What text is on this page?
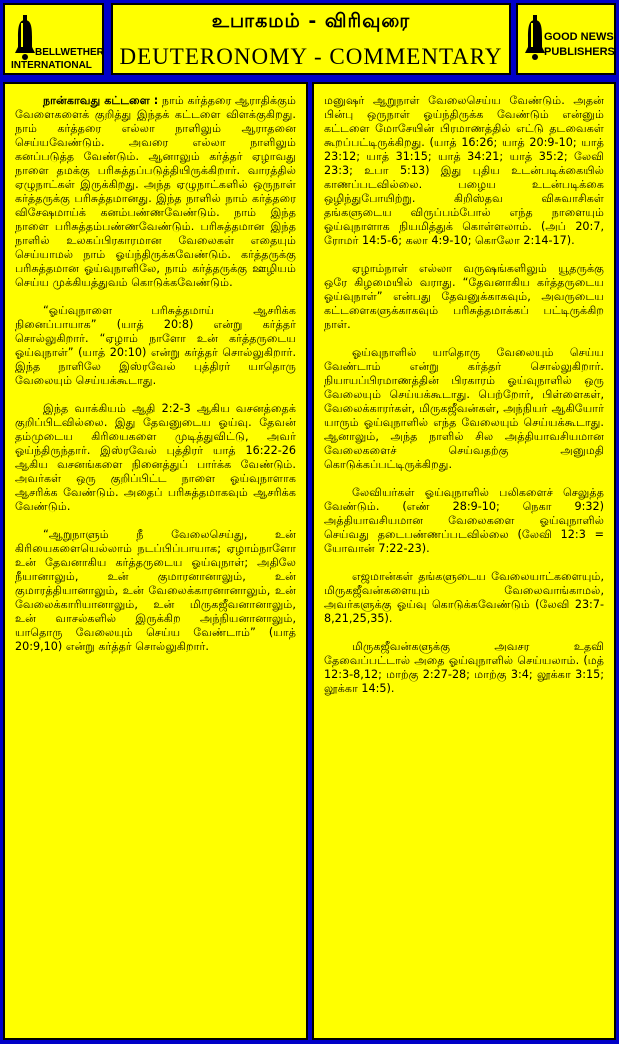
BELLWETHER
INTERNATIONAL
உபாகமம் - விரிவுரை
DEUTERONOMY - COMMENTARY
GOOD NEWS
PUBLISHERS

நான்காவது கட்டளை : நாம் கர்த்தரை ஆராதிக்கும் வேளைகளைக் குறித்து இந்தக் கட்டளை விளக்குகிறது. நாம் கர்த்தரை எல்லா நாளிலும் ஆராதனை செய்யவேண்டும். அவரை எல்லா நாளிலும் கனப்படுத்த வேண்டும். ஆனாலும் கர்த்தர் ஏழாவது நாளை தமக்கு பரிசுத்தப்படுத்தியிருக்கிறார். வாரத்தில் ஏழுநாட்கள் இருக்கிறது. அந்த ஏழுநாட்களில் ஒருநாள் கர்த்தருக்கு பரிசுத்தமானது. இந்த நாளில் நாம் கர்த்தரை விசேஷமாய்க் கனம்பண்ணவேண்டும். நாம் இந்த நாளை பரிசுத்தம்பண்ணவேண்டும். பரிசுத்தமான இந்த நாளில் உலகப்பிரகாரமான வேலைகள் எதையும் செய்யாமல் நாம் ஓய்ந்திருக்கவேண்டும். கர்த்தருக்கு பரிசுத்தமான ஓய்வுநாளிலே, நாம் கர்த்தருக்கு ஊழியம் செய்ய முக்கியத்துவம் கொடுக்கவேண்டும்.

“ஓய்வுநாளை பரிசுத்தமாய் ஆசரிக்க நினைப்பாயாக” (யாத் 20:8) என்று கர்த்தர் சொல்லுகிறார். “ஏழாம் நாளோ உன் கர்த்தருடைய ஓய்வுநாள்” (யாத் 20:10) என்று கர்த்தர் சொல்லுகிறார். இந்த நாளிலே இஸ்ரவேல் புத்திரர் யாதொரு வேலையும் செய்யக்கூடாது.

இந்த வாக்கியம் ஆதி 2:2-3 ஆகிய வசனத்தைக் குறிப்பிடவில்லை. இது தேவனுடைய ஓய்வு. தேவன் தம்முடைய கிரியைகளை முடித்துவிட்டு, அவர் ஓய்ந்திருந்தார். இஸ்ரவேல் புத்திரர் யாத் 16:22-26 ஆகிய வசனங்களை நினைத்துப் பார்க்க வேண்டும். அவர்கள் ஒரு குறிப்பிட்ட நாளை ஓய்வுநாளாக ஆசரிக்க வேண்டும். அதைப் பரிசுத்தமாகவும் ஆசரிக்க வேண்டும்.

“ஆறுநாளும் நீ வேலைசெய்து, உன் கிரியைகளையெல்லாம் நடப்பிப்பாயாக; ஏழாம்நாளோ உன் தேவனாகிய கர்த்தருடைய ஓய்வுநாள்; அதிலே நீயானாலும், உன் குமாரனானாலும், உன் குமாரத்தியானாலும், உன் வேலைக்காரனானாலும், உன் வேலைக்காரியானாலும், உன் மிருகஜீவனானாலும், உன் வாசல்களில் இருக்கிற அந்நியனானாலும், யாதொரு வேலையும் செய்ய வேண்டாம்” (யாத் 20:9,10) என்று கர்த்தர் சொல்லுகிறார்.

மனுஷர் ஆறுநாள் வேலைசெய்ய வேண்டும். அதன் பின்பு ஒருநாள் ஓய்ந்திருக்க வேண்டும் என்னும் கட்டளை மோசேயின் பிரமாணத்தில் எட்டு தடவைகள் கூறப்பட்டிருக்கிறது. (யாத் 16:26; யாத் 20:9-10; யாத் 23:12; யாத் 31:15; யாத் 34:21; யாத் 35:2; லேவி 23:3; உபா 5:13) இது புதிய உடன்படிக்கையில் காணப்படவில்லை. பழைய உடன்படிக்கை ஒழிந்துபோயிற்று. கிறிஸ்தவ விசுவாசிகள் தங்களுடைய விருப்பம்போல் எந்த நாளையும் ஓய்வுநாளாக நியமித்துக் கொள்ளலாம். (அப் 20:7, ரோமர் 14:5-6; கலா 4:9-10; கொலோ 2:14-17).

ஏழாம்நாள் எல்லா வருஷங்களிலும் யூதருக்கு ஒரே கிழமையில் வராது. “தேவனாகிய கர்த்தருடைய ஓய்வுநாள்” என்பது தேவனுக்காகவும், அவருடைய கட்டளைகளுக்காகவும் பரிசுத்தமாக்கப் பட்டிருக்கிற நாள்.

ஓய்வுநாளில் யாதொரு வேலையும் செய்ய வேண்டாம் என்று கர்த்தர் சொல்லுகிறார். நியாயப்பிரமாணத்தின் பிரகாரம் ஓய்வுநாளில் ஒரு வேலையும் செய்யக்கூடாது. பெற்றோர், பிள்ளைகள், வேலைக்காரர்கள், மிருகஜீவன்கள், அந்நியர் ஆகியோர் யாரும் ஓய்வுநாளில் எந்த வேலையும் செய்யக்கூடாது. ஆனாலும், அந்த நாளில் சில அத்தியாவசியமான வேலைகளைச் செய்வதற்கு அனுமதி கொடுக்கப்பட்டிருக்கிறது.

லேவியர்கள் ஓய்வுநாளில் பலிகளைச் செலுத்த வேண்டும். (எண் 28:9-10; நெகா 9:32) அத்தியாவசியமான வேலைகளை ஓய்வுநாளில் செய்வது தடைபண்ணப்படவில்லை (லேவி 12:3 = யோவான் 7:22-23).

எஜமான்கள் தங்களுடைய வேலையாட்களையும், மிருகஜீவன்களையும் வேலைவாங்காமல், அவர்களுக்கு ஓய்வு கொடுக்கவேண்டும் (லேவி 23:7-8,21,25,35).

மிருகஜீவன்களுக்கு அவசர உதவி தேவைப்பட்டால் அதை ஓய்வுநாளில் செய்யலாம். (மத் 12:3-8,12; மாற்கு 2:27-28; மாற்கு 3:4; லூக்கா 3:15; லூக்கா 14:5).
